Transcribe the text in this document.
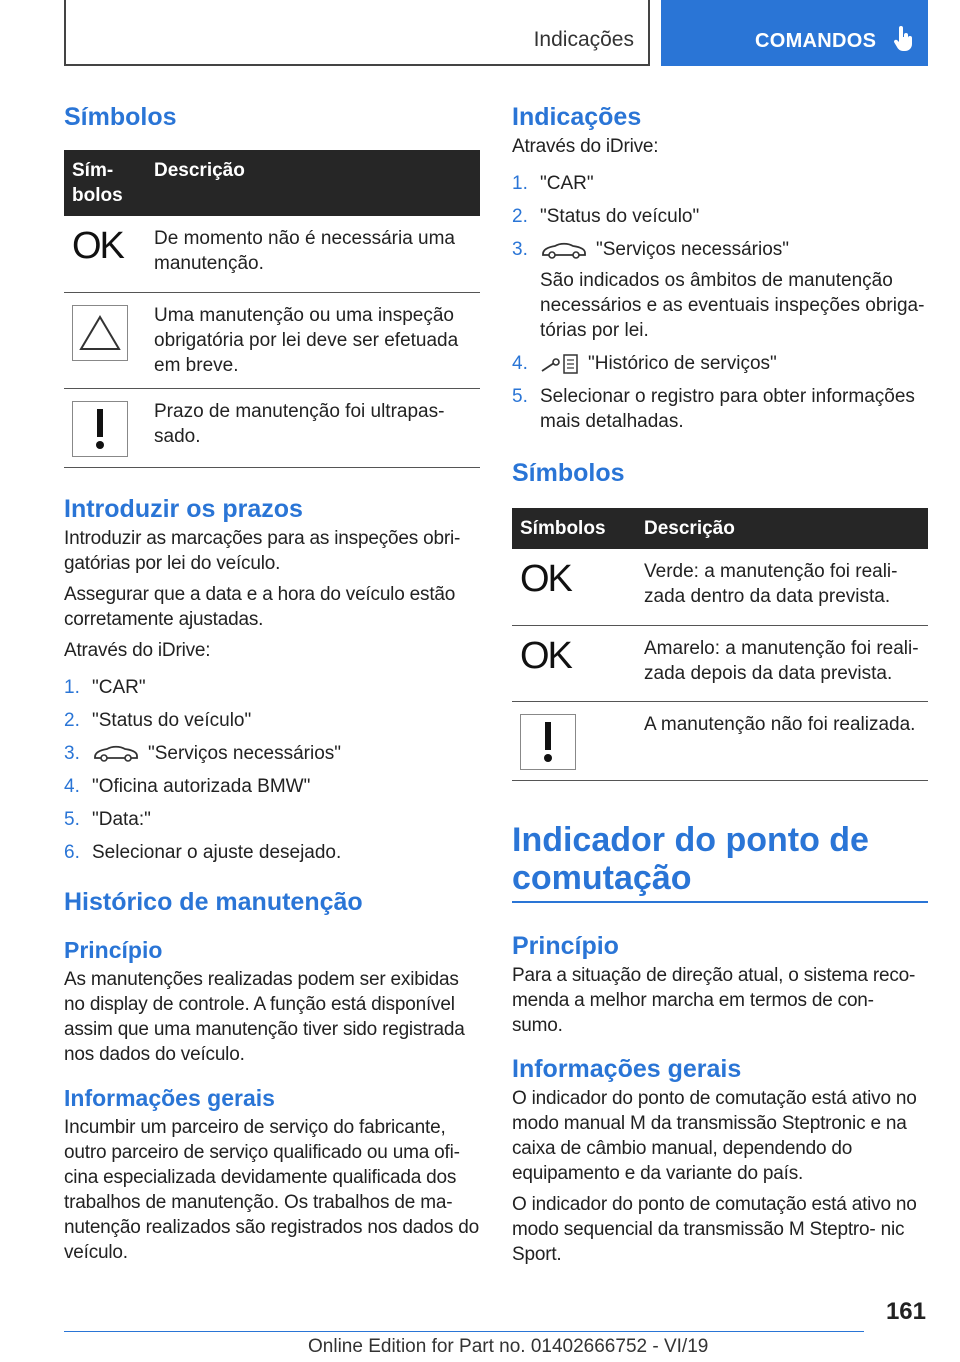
Indicações	COMANDOS
Símbolos
Sím‐
bolos	Descrição

OK	De momento não é necessária uma manutenção.

	Uma manutenção ou uma inspeção obrigatória por lei deve ser efetuada em breve.

	Prazo de manutenção foi ultrapas‐ sado.
Introduzir os prazos

Introduzir as marcações para as inspeções obri‐ gatórias por lei do veículo.

Assegurar que a data e a hora do veículo estão corretamente ajustadas.

Através do iDrive:

1. "CAR"
2. "Status do veículo"
3.	"Serviços necessários"
4. "Oficina autorizada BMW"
5. "Data:"
6. Selecionar o ajuste desejado.
Histórico de manutenção
Princípio

As manutenções realizadas podem ser exibidas no display de controle. A função está disponível assim que uma manutenção tiver sido registrada nos dados do veículo.

Informações gerais

Incumbir um parceiro de serviço do fabricante, outro parceiro de serviço qualificado ou uma ofi‐ cina especializada devidamente qualificada dos trabalhos de manutenção. Os trabalhos de ma‐ nutenção realizados são registrados nos dados do veículo.

Indicações

Através do iDrive:

1. "CAR"
2. "Status do veículo"
3.	"Serviços necessários"
São indicados os âmbitos de manutenção necessários e as eventuais inspeções obriga‐ tórias por lei.
4.	"Histórico de serviços"
5. Selecionar o registro para obter informações mais detalhadas.
Símbolos
Símbolos	Descrição

OK	Verde: a manutenção foi reali‐ zada dentro da data prevista.

OK	Amarelo: a manutenção foi reali‐ zada depois da data prevista.

	A manutenção não foi realizada.
Indicador do ponto de comutação
Princípio

Para a situação de direção atual, o sistema reco‐ menda a melhor marcha em termos de con‐ sumo.

Informações gerais

O indicador do ponto de comutação está ativo no modo manual M da transmissão Steptronic e na caixa de câmbio manual, dependendo do equipamento e da variante do país.

O indicador do ponto de comutação está ativo no modo sequencial da transmissão M Steptro‐ nic Sport.

161
Online Edition for Part no. 01402666752 - VI/19
